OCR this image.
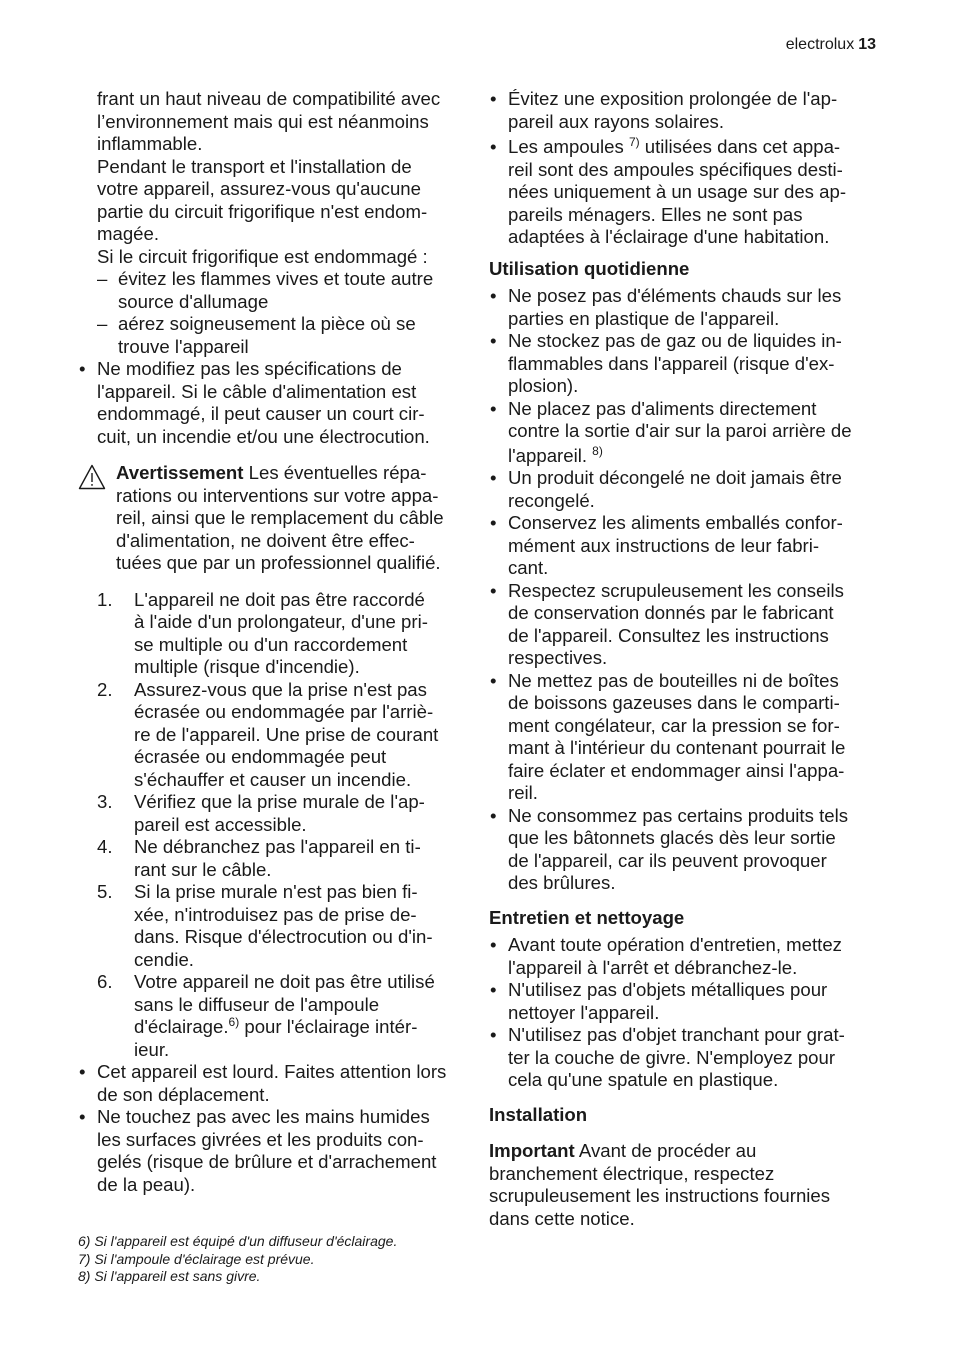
electrolux 13
frant un haut niveau de compatibilité avec
l’environnement mais qui est néanmoins
inflammable.
Pendant le transport et l'installation de
votre appareil, assurez-vous qu'aucune
partie du circuit frigorifique n'est endom-
magée.
Si le circuit frigorifique est endommagé :
– évitez les flammes vives et toute autre
source d'allumage
– aérez soigneusement la pièce où se
trouve l'appareil
• Ne modifiez pas les spécifications de
l'appareil. Si le câble d'alimentation est
endommagé, il peut causer un court cir-
cuit, un incendie et/ou une électrocution.
Avertissement Les éventuelles répa-
rations ou interventions sur votre appa-
reil, ainsi que le remplacement du câble
d'alimentation, ne doivent être effec-
tuées que par un professionnel qualifié.
1. L'appareil ne doit pas être raccordé
à l'aide d'un prolongateur, d'une pri-
se multiple ou d'un raccordement
multiple (risque d'incendie).
2. Assurez-vous que la prise n'est pas
écrasée ou endommagée par l'arriè-
re de l'appareil. Une prise de courant
écrasée ou endommagée peut
s'échauffer et causer un incendie.
3. Vérifiez que la prise murale de l'ap-
pareil est accessible.
4. Ne débranchez pas l'appareil en ti-
rant sur le câble.
5. Si la prise murale n'est pas bien fi-
xée, n'introduisez pas de prise de-
dans. Risque d'électrocution ou d'in-
cendie.
6. Votre appareil ne doit pas être utilisé
sans le diffuseur de l'ampoule
d'éclairage.$^{6)}$ pour l'éclairage intér-
ieur.
• Cet appareil est lourd. Faites attention lors
de son déplacement.
• Ne touchez pas avec les mains humides
les surfaces givrées et les produits con-
gelés (risque de brûlure et d'arrachement
de la peau).
• Évitez une exposition prolongée de l'ap-
pareil aux rayons solaires.
• Les ampoules $^{7)}$ utilisées dans cet appa-
reil sont des ampoules spécifiques desti-
nées uniquement à un usage sur des ap-
pareils ménagers. Elles ne sont pas
adaptées à l'éclairage d'une habitation.
Utilisation quotidienne
• Ne posez pas d'éléments chauds sur les
parties en plastique de l'appareil.
• Ne stockez pas de gaz ou de liquides in-
flammables dans l'appareil (risque d'ex-
plosion).
• Ne placez pas d'aliments directement
contre la sortie d'air sur la paroi arrière de
l'appareil. $^{8)}$
• Un produit décongelé ne doit jamais être
recongelé.
• Conservez les aliments emballés confor-
mément aux instructions de leur fabri-
cant.
• Respectez scrupuleusement les conseils
de conservation donnés par le fabricant
de l'appareil. Consultez les instructions
respectives.
• Ne mettez pas de bouteilles ni de boîtes
de boissons gazeuses dans le comparti-
ment congélateur, car la pression se for-
mant à l'intérieur du contenant pourrait le
faire éclater et endommager ainsi l'appa-
reil.
• Ne consommez pas certains produits tels
que les bâtonnets glacés dès leur sortie
de l'appareil, car ils peuvent provoquer
des brûlures.
Entretien et nettoyage
• Avant toute opération d'entretien, mettez
l'appareil à l'arrêt et débranchez-le.
• N'utilisez pas d'objets métalliques pour
nettoyer l'appareil.
• N'utilisez pas d'objet tranchant pour grat-
ter la couche de givre. N'employez pour
cela qu'une spatule en plastique.
Installation
Important Avant de procéder au
branchement électrique, respectez
scrupuleusement les instructions fournies
dans cette notice.
6) Si l'appareil est équipé d'un diffuseur d'éclairage.
7) Si l'ampoule d'éclairage est prévue.
8) Si l'appareil est sans givre.
